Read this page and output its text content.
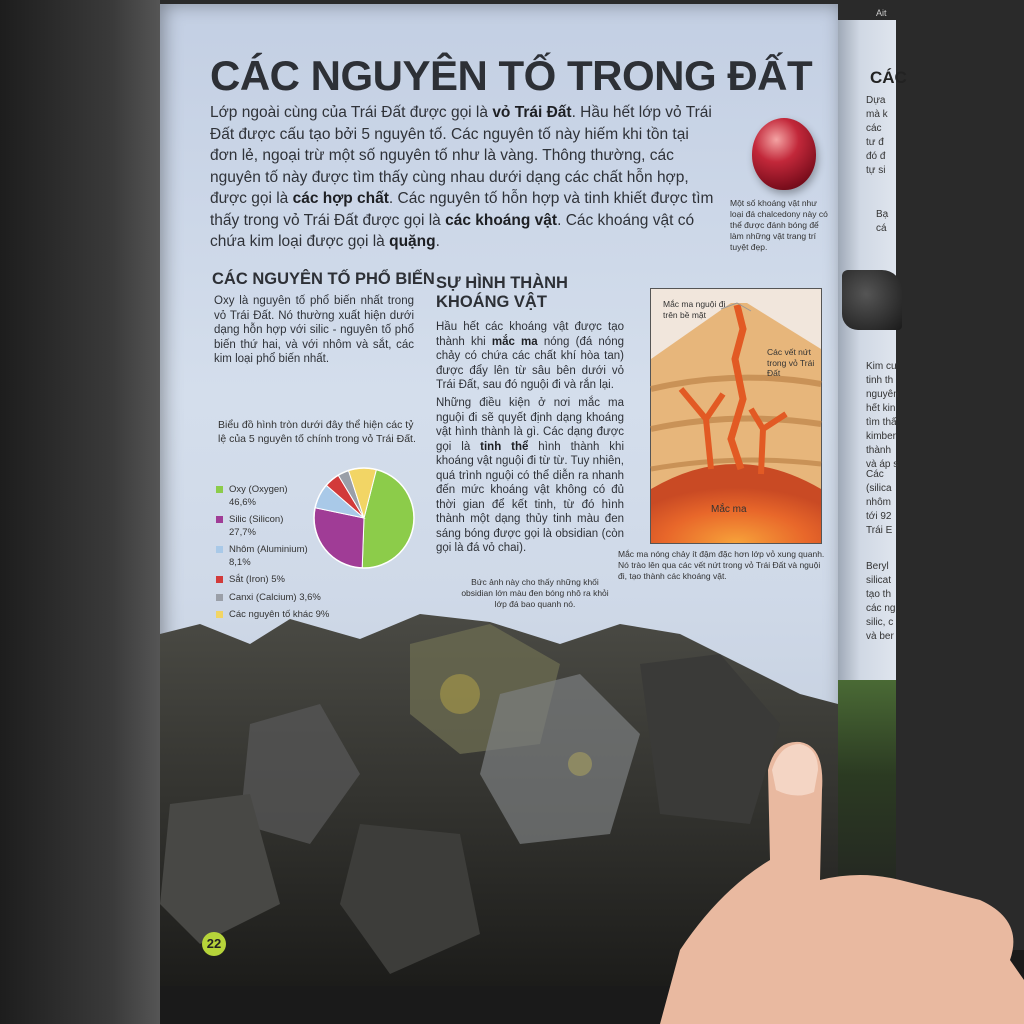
Ait
CÁC
Dựa
mà k
các
tư đ
đó đ
tự si
Bạ
cá
Kim cư
tinh th
nguyên
hết kin
tìm thấ
kimber
thành
và áp s
Các
(silica
nhôm
tới 92
Trái E
Beryl
silicat
tạo th
các ng
silic, c
và ber
CÁC NGUYÊN TỐ TRONG ĐẤT
Lớp ngoài cùng của Trái Đất được gọi là vỏ Trái Đất. Hầu hết lớp vỏ Trái Đất được cấu tạo bởi 5 nguyên tố. Các nguyên tố này hiếm khi tồn tại đơn lẻ, ngoại trừ một số nguyên tố như là vàng. Thông thường, các nguyên tố này được tìm thấy cùng nhau dưới dạng các chất hỗn hợp, được gọi là các hợp chất. Các nguyên tố hỗn hợp và tinh khiết được tìm thấy trong vỏ Trái Đất được gọi là các khoáng vật. Các khoáng vật có chứa kim loại được gọi là quặng.
Một số khoáng vật như loại đá chalcedony này có thể được đánh bóng để làm những vật trang trí tuyệt đẹp.
CÁC NGUYÊN TỐ PHỔ BIẾN
Oxy là nguyên tố phổ biến nhất trong vỏ Trái Đất. Nó thường xuất hiện dưới dạng hỗn hợp với silic - nguyên tố phổ biến thứ hai, và với nhôm và sắt, các kim loại phổ biến nhất.
Biểu đồ hình tròn dưới đây thể hiện các tỷ lệ của 5 nguyên tố chính trong vỏ Trái Đất.
Oxy (Oxygen)
46,6%
Silic (Silicon)
27,7%
Nhôm (Aluminium)
8,1%
Sắt (Iron) 5%
Canxi (Calcium) 3,6%
Các nguyên tố khác 9%
SỰ HÌNH THÀNH
KHOÁNG VẬT
Hầu hết các khoáng vật được tạo thành khi mắc ma nóng (đá nóng chảy có chứa các chất khí hòa tan) được đẩy lên từ sâu bên dưới vỏ Trái Đất, sau đó nguội đi và rắn lại.
Những điều kiện ở nơi mắc ma nguội đi sẽ quyết định dạng khoáng vật hình thành là gì. Các dạng được gọi là tinh thể hình thành khi khoáng vật nguội đi từ từ. Tuy nhiên, quá trình nguội có thể diễn ra nhanh đến mức khoáng vật không có đủ thời gian để kết tinh, từ đó hình thành một dạng thủy tinh màu đen sáng bóng được gọi là obsidian (còn gọi là đá vỏ chai).
Mắc ma nguội đi trên bề mặt
Các vết nứt trong vỏ Trái Đất
Mắc ma
Mắc ma nóng chảy ít đậm đặc hơn lớp vỏ xung quanh. Nó trào lên qua các vết nứt trong vỏ Trái Đất và nguội đi, tạo thành các khoáng vật.
Bức ảnh này cho thấy những khối obsidian lớn màu đen bóng nhô ra khỏi lớp đá bao quanh nó.
22
